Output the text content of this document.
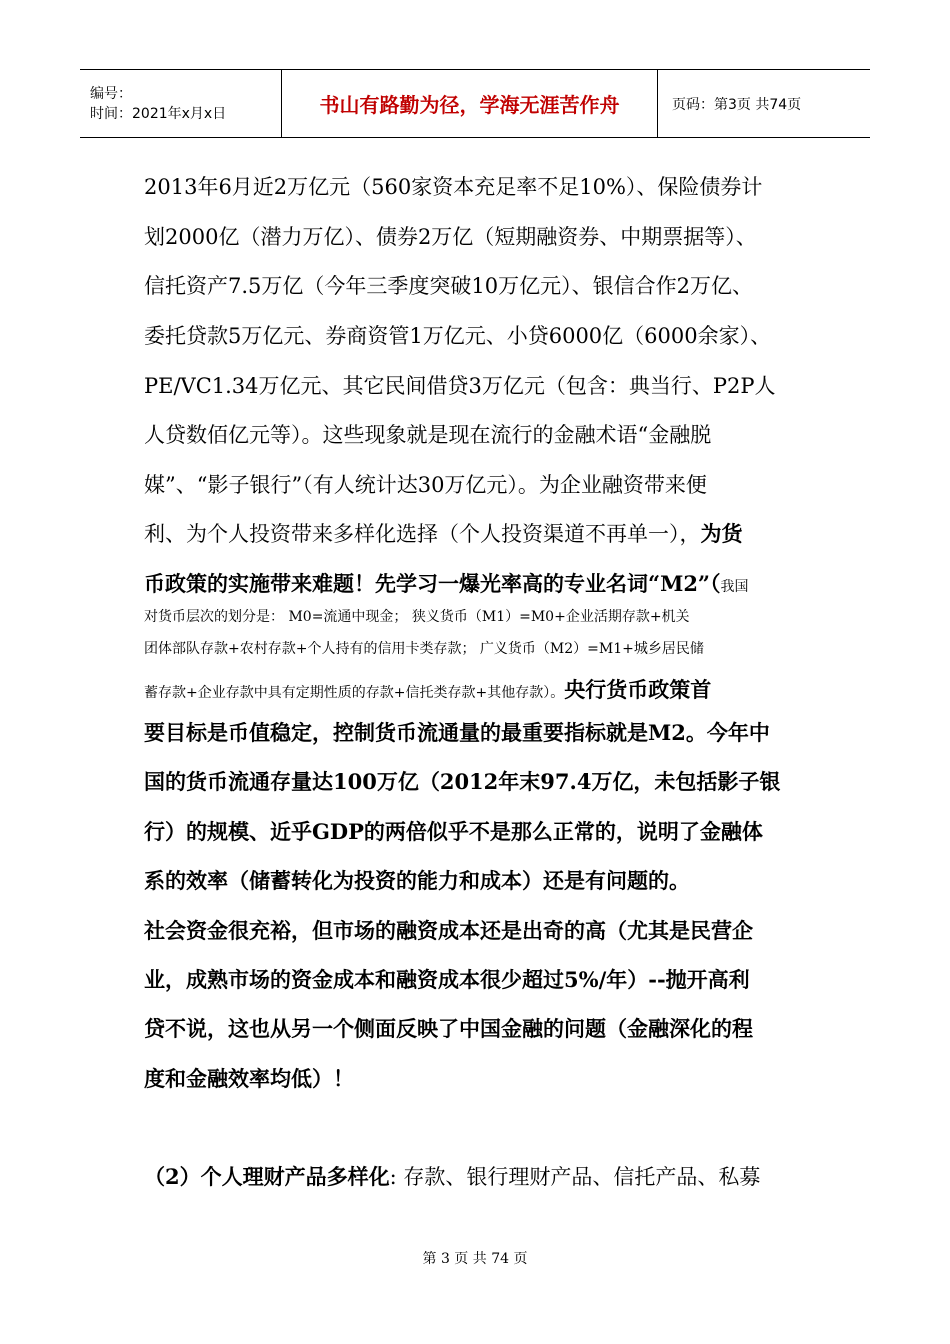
编号：
时间：2021年x月x日	书山有路勤为径，学海无涯苦作舟	页码：第3页 共74页
2013年6月近2万亿元（560家资本充足率不足10%）、保险债券计
划2000亿（潜力万亿）、债券2万亿（短期融资券、中期票据等）、
信托资产7.5万亿（今年三季度突破10万亿元）、银信合作2万亿、
委托贷款5万亿元、券商资管1万亿元、小贷6000亿（6000余家）、
PE/VC1.34万亿元、其它民间借贷3万亿元（包含：典当行、P2P人
人贷数佰亿元等）。这些现象就是现在流行的金融术语“金融脱
媒”、“影子银行”（有人统计达30万亿元）。为企业融资带来便
利、为个人投资带来多样化选择（个人投资渠道不再单一），为货
币政策的实施带来难题！先学习一爆光率高的专业名词“M2”（我国
对货币层次的划分是： M0=流通中现金； 狭义货币（M1）=M0+企业活期存款+机关
团体部队存款+农村存款+个人持有的信用卡类存款； 广义货币（M2）=M1+城乡居民储
蓄存款+企业存款中具有定期性质的存款+信托类存款+其他存款）。央行货币政策首
要目标是币值稳定，控制货币流通量的最重要指标就是M2。今年中
国的货币流通存量达100万亿（2012年末97.4万亿，未包括影子银
行）的规模、近乎GDP的两倍似乎不是那么正常的，说明了金融体
系的效率（储蓄转化为投资的能力和成本）还是有问题的。
社会资金很充裕，但市场的融资成本还是出奇的高（尤其是民营企
业，成熟市场的资金成本和融资成本很少超过5%/年）--抛开高利
贷不说，这也从另一个侧面反映了中国金融的问题（金融深化的程
度和金融效率均低）！
（2）个人理财产品多样化: 存款、银行理财产品、信托产品、私募
第 3 页 共 74 页
